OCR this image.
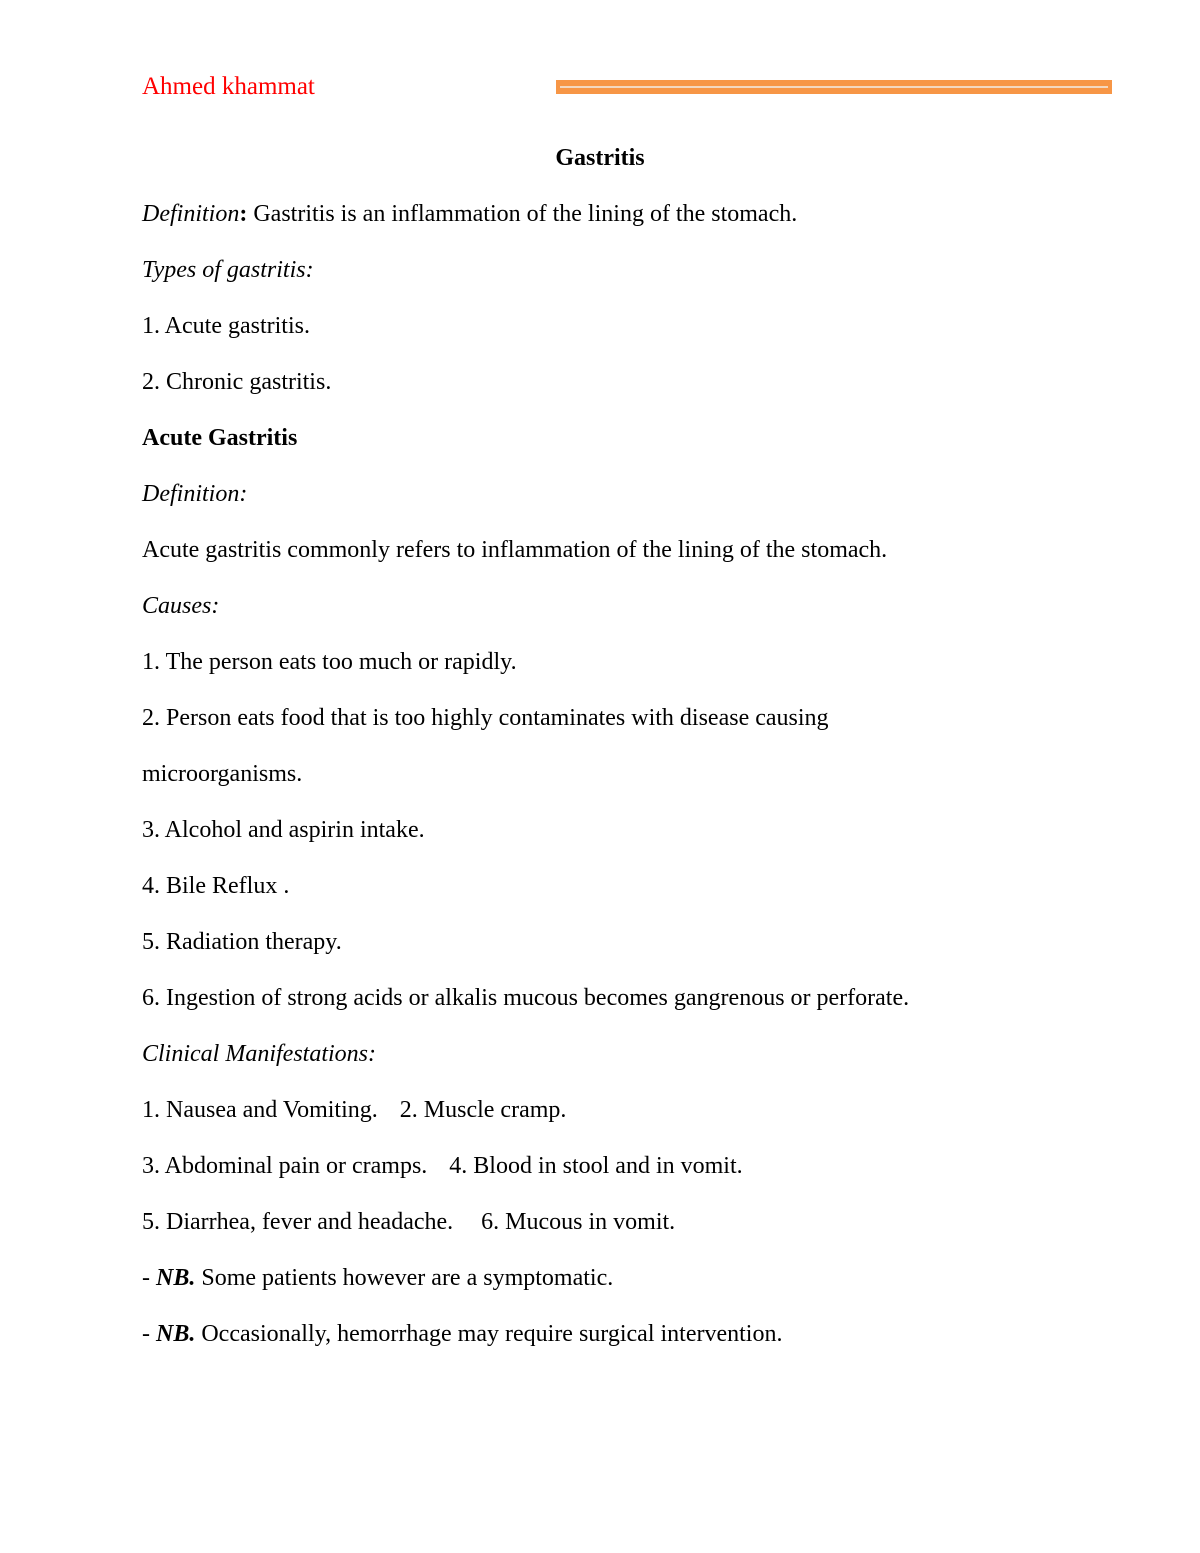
Ahmed khammat

Gastritis

Definition: Gastritis is an inflammation of the lining of the stomach.

Types of gastritis:

1. Acute gastritis.

2. Chronic gastritis.

Acute Gastritis

Definition:

Acute gastritis commonly refers to inflammation of the lining of the stomach.

Causes:

1. The person eats too much or rapidly.

2. Person eats food that is too highly contaminates with disease causing

microorganisms.

3. Alcohol and aspirin intake.

4. Bile Reflux .

5. Radiation therapy.

6. Ingestion of strong acids or alkalis mucous becomes gangrenous or perforate.

Clinical Manifestations:

1. Nausea and Vomiting. 2. Muscle cramp.

3. Abdominal pain or cramps. 4. Blood in stool and in vomit.

5. Diarrhea, fever and headache. 6. Mucous in vomit.

- NB. Some patients however are a symptomatic.

- NB. Occasionally, hemorrhage may require surgical intervention.
